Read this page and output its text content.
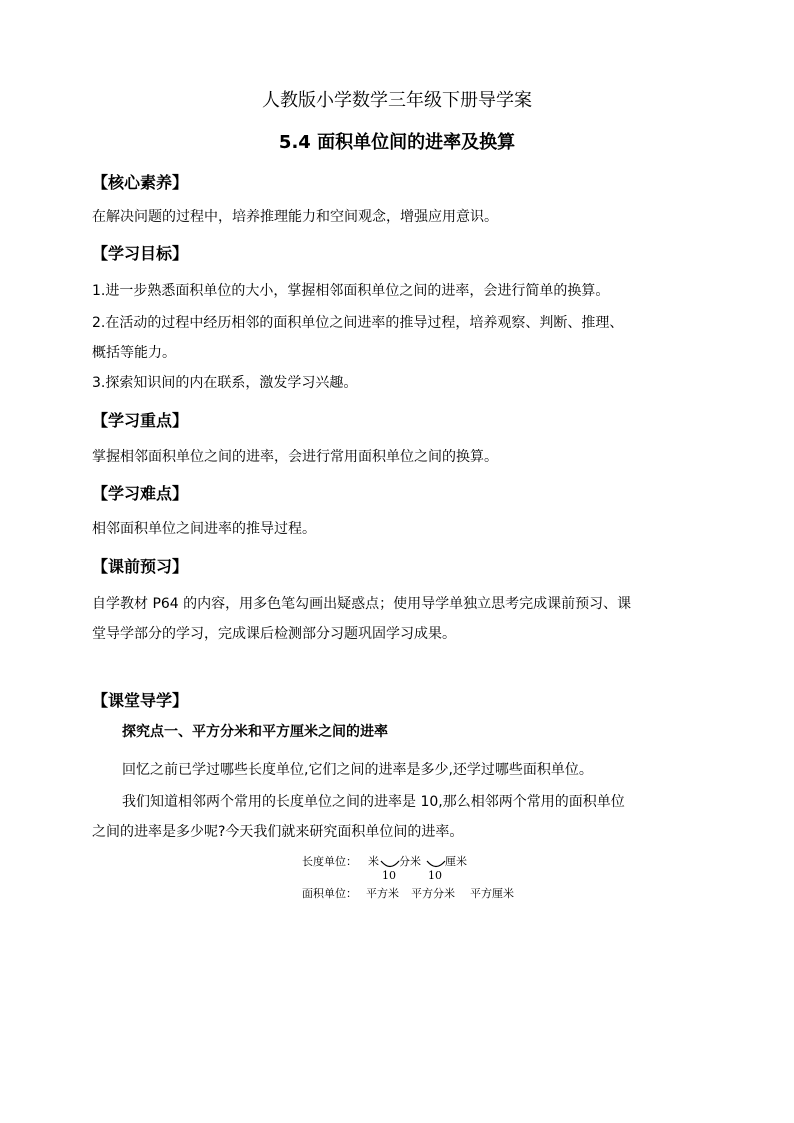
人教版小学数学三年级下册导学案
5.4 面积单位间的进率及换算
【核心素养】
在解决问题的过程中，培养推理能力和空间观念，增强应用意识。
【学习目标】
1.进一步熟悉面积单位的大小，掌握相邻面积单位之间的进率，会进行简单的换算。
2.在活动的过程中经历相邻的面积单位之间进率的推导过程，培养观察、判断、推理、
概括等能力。
3.探索知识间的内在联系，激发学习兴趣。
【学习重点】
掌握相邻面积单位之间的进率，会进行常用面积单位之间的换算。
【学习难点】
相邻面积单位之间进率的推导过程。
【课前预习】
自学教材 P64 的内容，用多色笔勾画出疑惑点；使用导学单独立思考完成课前预习、课
堂导学部分的学习，完成课后检测部分习题巩固学习成果。
【课堂导学】
探究点一、平方分米和平方厘米之间的进率
回忆之前已学过哪些长度单位,它们之间的进率是多少,还学过哪些面积单位。
我们知道相邻两个常用的长度单位之间的进率是 10,那么相邻两个常用的面积单位
之间的进率是多少呢?今天我们就来研究面积单位间的进率。
长度单位： 米 分米 厘米
10	10
面积单位： 平方米 平方分米 平方厘米
